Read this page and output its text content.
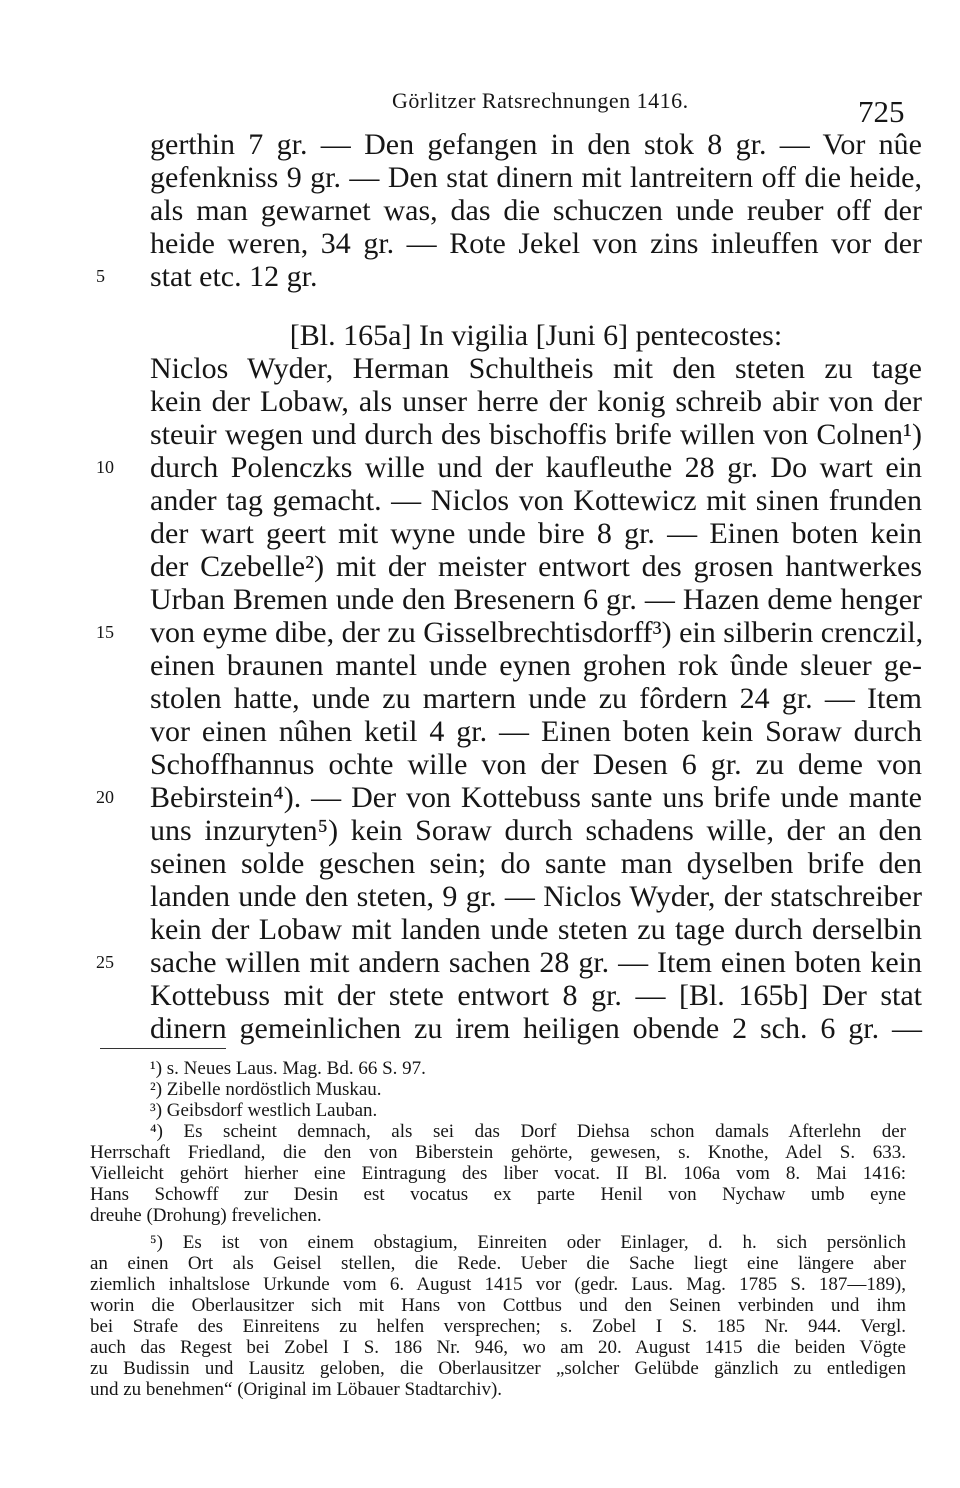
Görlitzer Ratsrechnungen 1416.	725
gerthin 7 gr. — Den gefangen in den stok 8 gr. — Vor nûe
gefenkniss 9 gr. — Den stat dinern mit lantreitern off die heide,
als man gewarnet was, das die schuczen unde reuber off der
heide weren, 34 gr. — Rote Jekel von zins inleuffen vor der
5	stat etc. 12 gr.
[Bl. 165a] In vigilia [Juni 6] pentecostes:
Niclos Wyder, Herman Schultheis mit den steten zu tage
kein der Lobaw, als unser herre der konig schreib abir von der
steuir wegen und durch des bischoffis brife willen von Colnen¹)
10	durch Polenczks wille und der kaufleuthe 28 gr. Do wart ein
ander tag gemacht. — Niclos von Kottewicz mit sinen frunden
der wart geert mit wyne unde bire 8 gr. — Einen boten kein
der Czebelle²) mit der meister entwort des grosen hantwerkes
Urban Bremen unde den Bresenern 6 gr. — Hazen deme henger
15	von eyme dibe, der zu Gisselbrechtisdorff³) ein silberin crenczil,
einen braunen mantel unde eynen grohen rok ûnde sleuer ge-
stolen hatte, unde zu martern unde zu fôrdern 24 gr. — Item
vor einen nûhen ketil 4 gr. — Einen boten kein Soraw durch
Schoffhannus ochte wille von der Desen 6 gr. zu deme von
20	Bebirstein⁴). — Der von Kottebuss sante uns brife unde mante
uns inzuryten⁵) kein Soraw durch schadens wille, der an den
seinen solde geschen sein; do sante man dyselben brife den
landen unde den steten, 9 gr. — Niclos Wyder, der statschreiber
kein der Lobaw mit landen unde steten zu tage durch derselbin
25	sache willen mit andern sachen 28 gr. — Item einen boten kein
Kottebuss mit der stete entwort 8 gr. — [Bl. 165b] Der stat
dinern gemeinlichen zu irem heiligen obende 2 sch. 6 gr. —
¹) s. Neues Laus. Mag. Bd. 66 S. 97.
²) Zibelle nordöstlich Muskau.
³) Geibsdorf westlich Lauban.
⁴) Es scheint demnach, als sei das Dorf Diehsa schon damals Afterlehn der
Herrschaft Friedland, die den von Biberstein gehörte, gewesen, s. Knothe, Adel S. 633.
Vielleicht gehört hierher eine Eintragung des liber vocat. II Bl. 106a vom 8. Mai 1416:
Hans Schowff zur Desin est vocatus ex parte Henil von Nychaw umb eyne
dreuhe (Drohung) frevelichen.
⁵) Es ist von einem obstagium, Einreiten oder Einlager, d. h. sich persönlich
an einen Ort als Geisel stellen, die Rede. Ueber die Sache liegt eine längere aber
ziemlich inhaltslose Urkunde vom 6. August 1415 vor (gedr. Laus. Mag. 1785 S. 187—189),
worin die Oberlausitzer sich mit Hans von Cottbus und den Seinen verbinden und ihm
bei Strafe des Einreitens zu helfen versprechen; s. Zobel I S. 185 Nr. 944. Vergl.
auch das Regest bei Zobel I S. 186 Nr. 946, wo am 20. August 1415 die beiden Vögte
zu Budissin und Lausitz geloben, die Oberlausitzer „solcher Gelübde gänzlich zu entledigen
und zu benehmen“ (Original im Löbauer Stadtarchiv).
